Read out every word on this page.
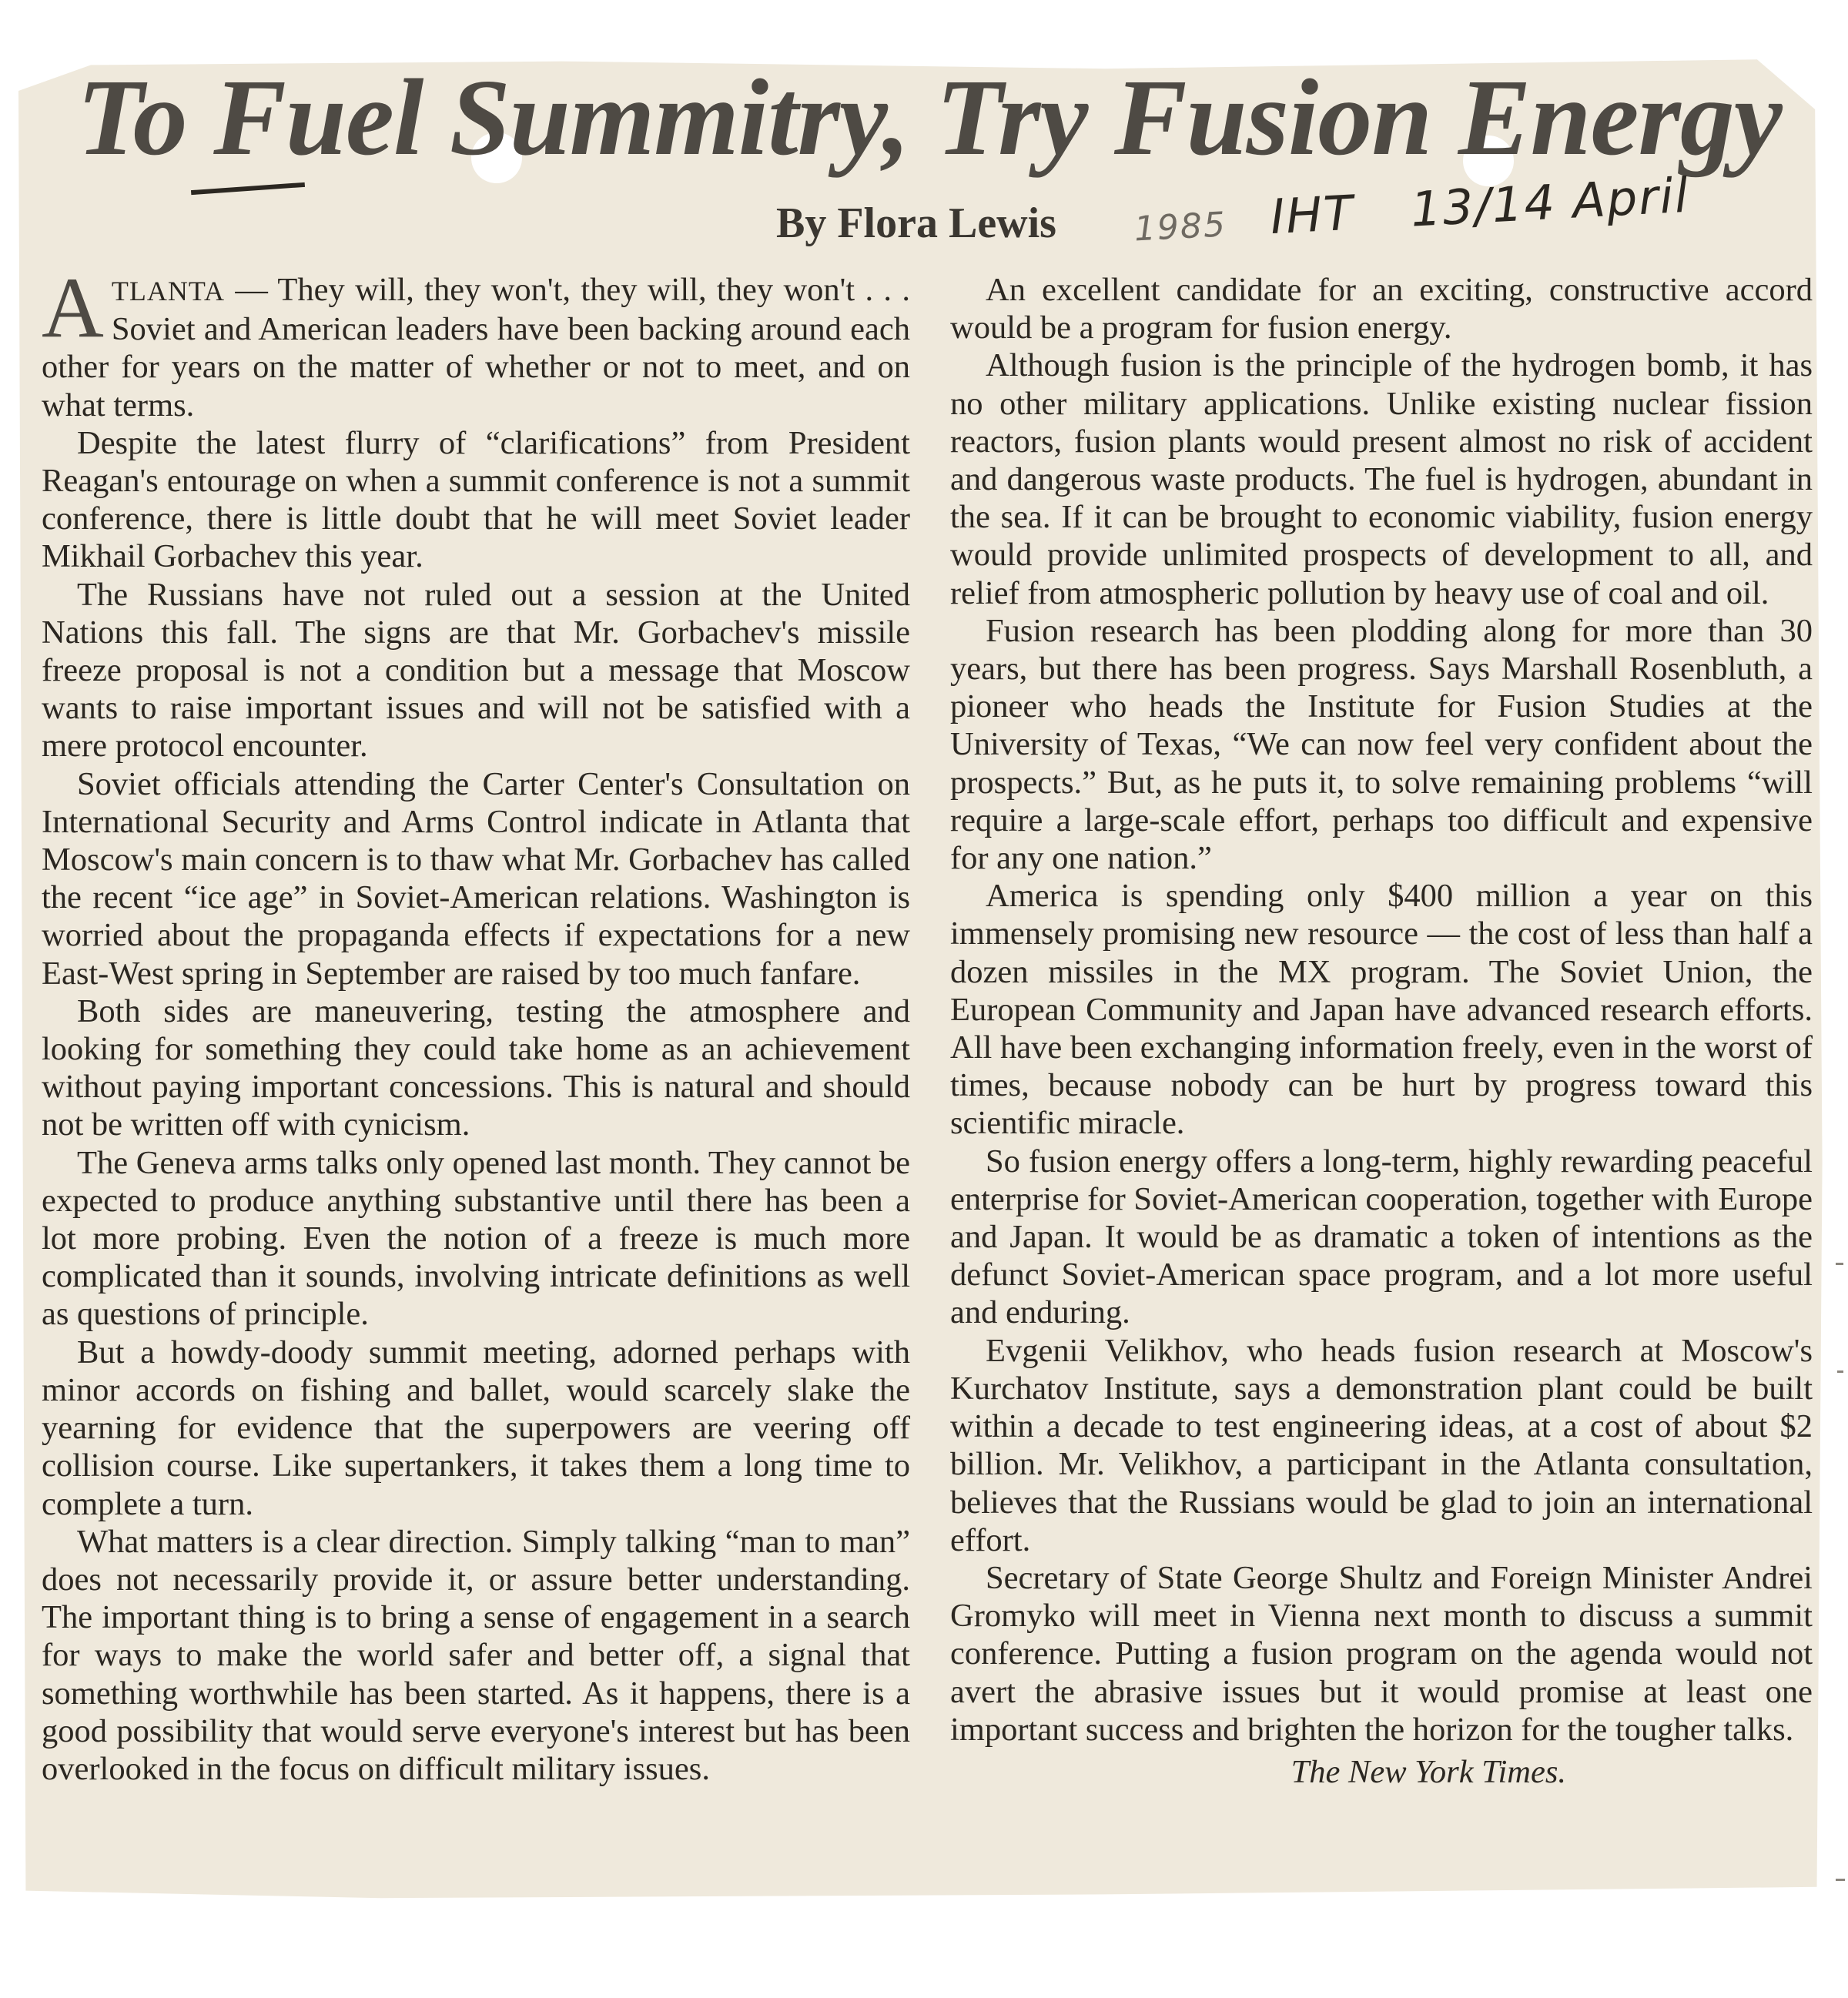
To Fuel Summitry, Try Fusion Energy
By Flora Lewis 1985 IHT 13/14 April

ATLANTA — They will, they won't, they will, they won't . . . Soviet and American leaders have been backing around each other for years on the matter of whether or not to meet, and on what terms.

Despite the latest flurry of “clarifications” from President Reagan's entourage on when a summit conference is not a summit conference, there is little doubt that he will meet Soviet leader Mikhail Gorbachev this year.

The Russians have not ruled out a session at the United Nations this fall. The signs are that Mr. Gorbachev's missile freeze proposal is not a condition but a message that Moscow wants to raise important issues and will not be satisfied with a mere protocol encounter.

Soviet officials attending the Carter Center's Consultation on International Security and Arms Control indicate in Atlanta that Moscow's main concern is to thaw what Mr. Gorbachev has called the recent “ice age” in Soviet-American relations. Washington is worried about the propaganda effects if expectations for a new East-West spring in September are raised by too much fanfare.

Both sides are maneuvering, testing the atmosphere and looking for something they could take home as an achievement without paying important concessions. This is natural and should not be written off with cynicism.

The Geneva arms talks only opened last month. They cannot be expected to produce anything substantive until there has been a lot more probing. Even the notion of a freeze is much more complicated than it sounds, involving intricate definitions as well as questions of principle.

But a howdy-doody summit meeting, adorned perhaps with minor accords on fishing and ballet, would scarcely slake the yearning for evidence that the superpowers are veering off collision course. Like supertankers, it takes them a long time to complete a turn.

What matters is a clear direction. Simply talking “man to man” does not necessarily provide it, or assure better understanding. The important thing is to bring a sense of engagement in a search for ways to make the world safer and better off, a signal that something worthwhile has been started. As it happens, there is a good possibility that would serve everyone's interest but has been overlooked in the focus on difficult military issues.

An excellent candidate for an exciting, constructive accord would be a program for fusion energy.

Although fusion is the principle of the hydrogen bomb, it has no other military applications. Unlike existing nuclear fission reactors, fusion plants would present almost no risk of accident and dangerous waste products. The fuel is hydrogen, abundant in the sea. If it can be brought to economic viability, fusion energy would provide unlimited prospects of development to all, and relief from atmospheric pollution by heavy use of coal and oil.

Fusion research has been plodding along for more than 30 years, but there has been progress. Says Marshall Rosenbluth, a pioneer who heads the Institute for Fusion Studies at the University of Texas, “We can now feel very confident about the prospects.” But, as he puts it, to solve remaining problems “will require a large-scale effort, perhaps too difficult and expensive for any one nation.”

America is spending only $400 million a year on this immensely promising new resource — the cost of less than half a dozen missiles in the MX program. The Soviet Union, the European Community and Japan have advanced research efforts. All have been exchanging information freely, even in the worst of times, because nobody can be hurt by progress toward this scientific miracle.

So fusion energy offers a long-term, highly rewarding peaceful enterprise for Soviet-American cooperation, together with Europe and Japan. It would be as dramatic a token of intentions as the defunct Soviet-American space program, and a lot more useful and enduring.

Evgenii Velikhov, who heads fusion research at Moscow's Kurchatov Institute, says a demonstration plant could be built within a decade to test engineering ideas, at a cost of about $2 billion. Mr. Velikhov, a participant in the Atlanta consultation, believes that the Russians would be glad to join an international effort.

Secretary of State George Shultz and Foreign Minister Andrei Gromyko will meet in Vienna next month to discuss a summit conference. Putting a fusion program on the agenda would not avert the abrasive issues but it would promise at least one important success and brighten the horizon for the tougher talks.

The New York Times.
